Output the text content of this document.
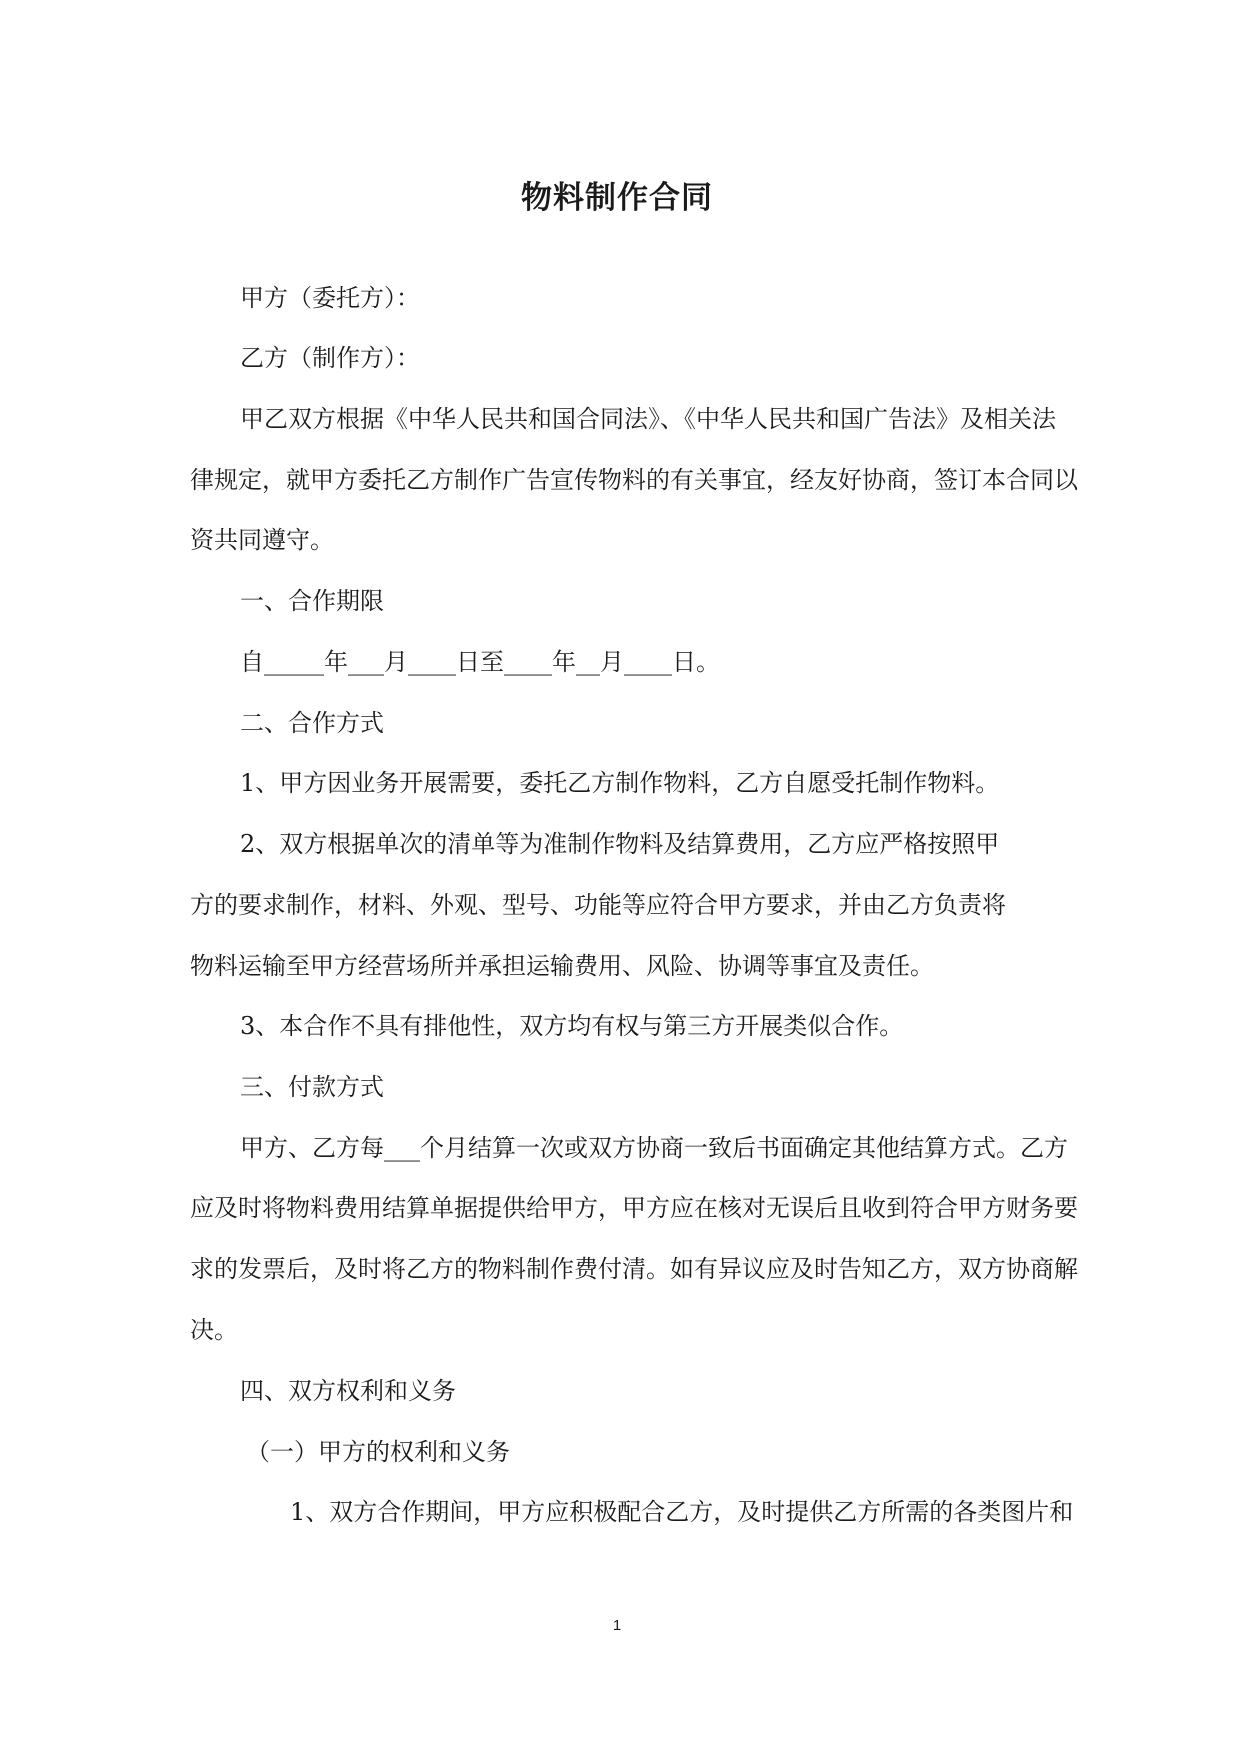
物料制作合同

甲方（委托方）：

乙方（制作方）：

甲乙双方根据《中华人民共和国合同法》、《中华人民共和国广告法》及相关法

律规定，就甲方委托乙方制作广告宣传物料的有关事宜，经友好协商，签订本合同以

资共同遵守。

一、合作期限

自_____年___月____日至____年__月____日。

二、合作方式

1、甲方因业务开展需要，委托乙方制作物料，乙方自愿受托制作物料。

2、双方根据单次的清单等为准制作物料及结算费用，乙方应严格按照甲

方的要求制作，材料、外观、型号、功能等应符合甲方要求，并由乙方负责将

物料运输至甲方经营场所并承担运输费用、风险、协调等事宜及责任。

3、本合作不具有排他性，双方均有权与第三方开展类似合作。

三、付款方式

甲方、乙方每___个月结算一次或双方协商一致后书面确定其他结算方式。乙方

应及时将物料费用结算单据提供给甲方，甲方应在核对无误后且收到符合甲方财务要

求的发票后，及时将乙方的物料制作费付清。如有异议应及时告知乙方，双方协商解

决。

四、双方权利和义务

（一）甲方的权利和义务

1、双方合作期间，甲方应积极配合乙方，及时提供乙方所需的各类图片和

1
